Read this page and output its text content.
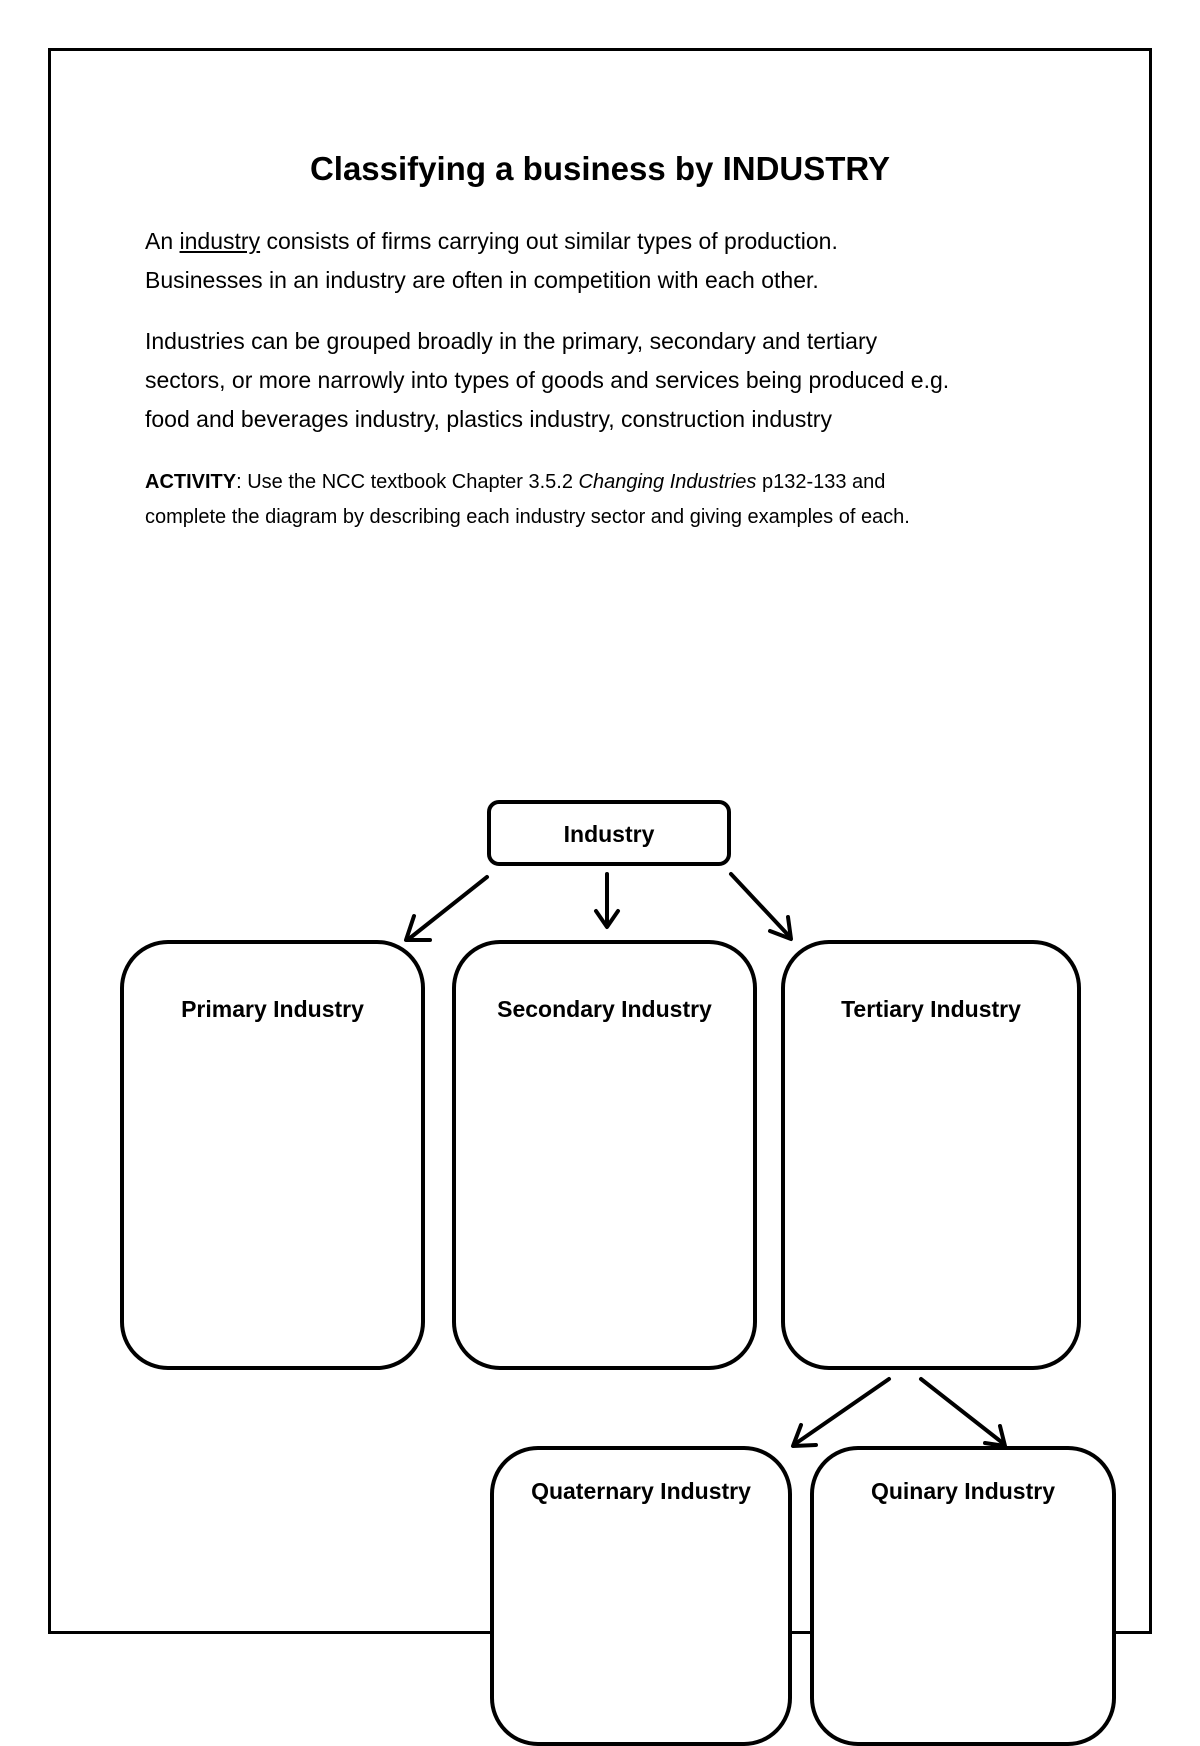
Classifying a business by INDUSTRY
An industry consists of firms carrying out similar types of production.
Businesses in an industry are often in competition with each other.
Industries can be grouped broadly in the primary, secondary and tertiary
sectors, or more narrowly into types of goods and services being produced e.g.
food and beverages industry, plastics industry, construction industry
ACTIVITY: Use the NCC textbook Chapter 3.5.2 Changing Industries p132-133 and
complete the diagram by describing each industry sector and giving examples of each.
Industry
Primary Industry	Secondary Industry	Tertiary Industry
Quaternary Industry	Quinary Industry
